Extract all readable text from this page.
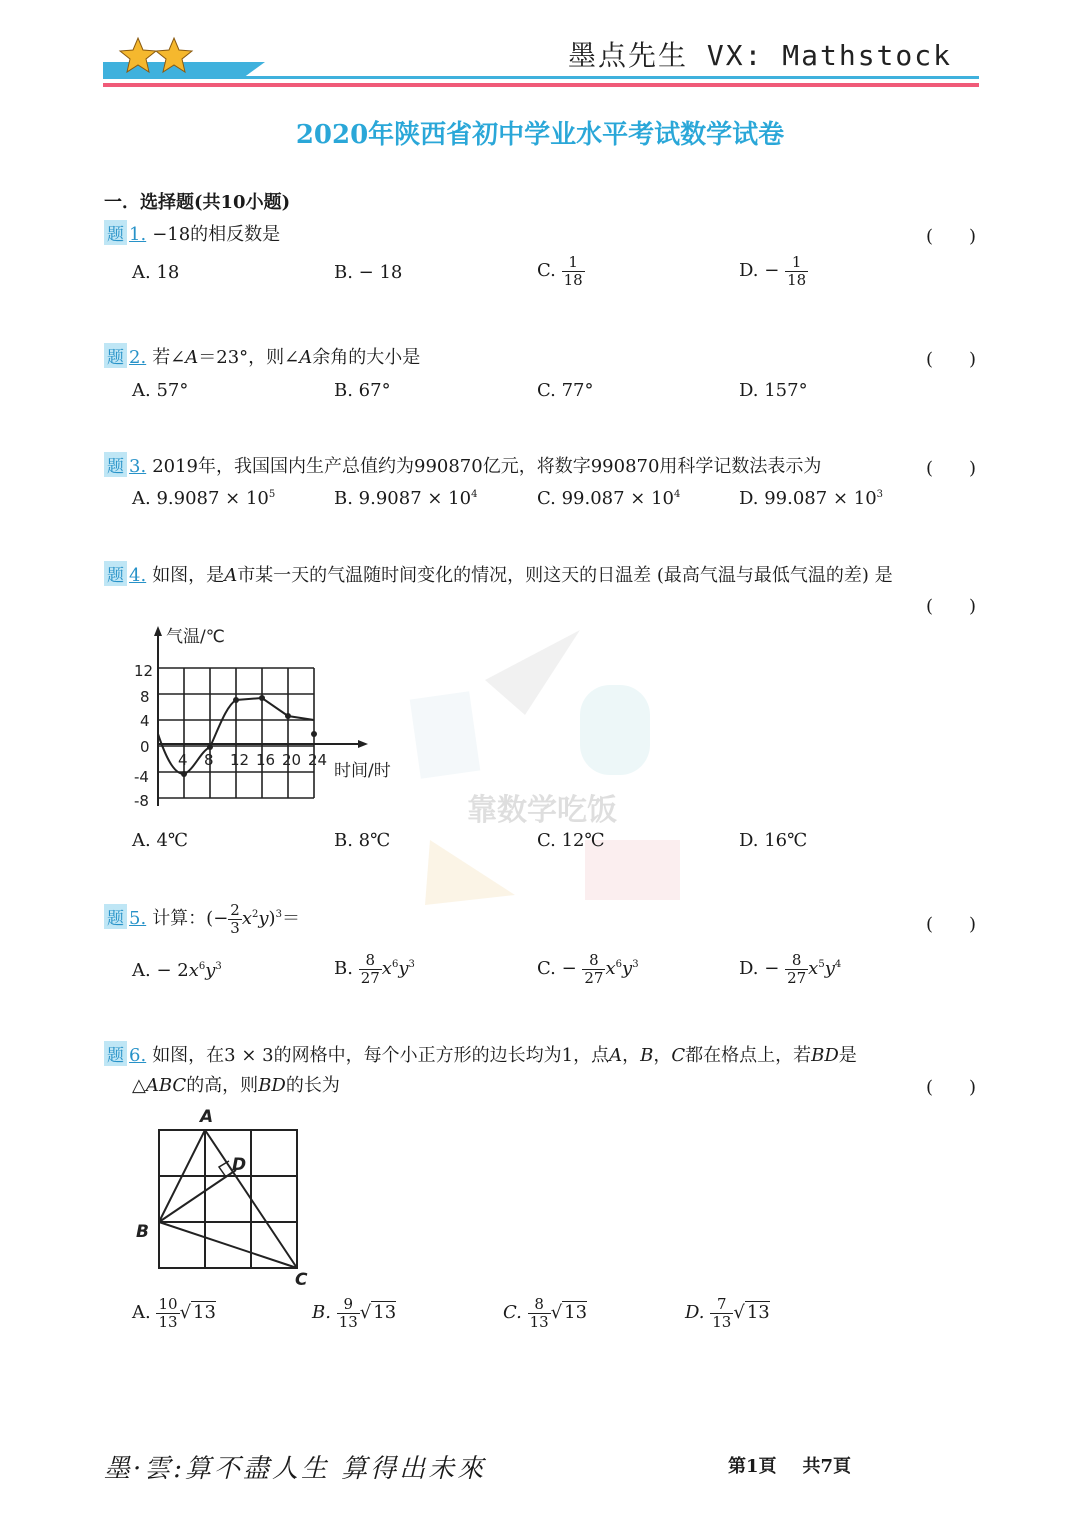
墨点先生 VX: Mathstock
2020年陕西省初中学业水平考试数学试卷
一．选择题(共10小题)
题 1. −18的相反数是	(　　)
A. 18	B. − 18	C. $\frac{1}{18}$	D. − $\frac{1}{18}$
题 2. 若∠A＝23°，则∠A余角的大小是	(　　)
A. 57°	B. 67°	C. 77°	D. 157°
题 3. 2019年，我国国内生产总值约为990870亿元，将数字990870用科学记数法表示为	(　　)
A. $9.9087 \times 10^5$	B. $9.9087 \times 10^4$	C. $99.087 \times 10^4$	D. $99.087 \times 10^3$
题 4. 如图，是A市某一天的气温随时间变化的情况，则这天的日温差 (最高气温与最低气温的差) 是
(　　)
气温/℃
时间/时
4 8 12 16 20 24
12
8
4
0
-4
-8	靠数学吃饭
A. 4℃	B. 8℃	C. 12℃	D. 16℃
题 5. 计算：(− $\frac{2}{3} x^2y)^3=$	(　　)
A. − $2x^6y^3$	B. $\frac{8}{27} x^6y^3$	C. − $\frac{8}{27} x^6y^3$	D. − $\frac{8}{27} x^5y^4$
题 6. 如图，在3 × 3的网格中，每个小正方形的边长均为1，点A，B，C都在格点上，若BD是
△ABC的高，则BD的长为	(　　)
A
B
C
D
A. $\frac{10}{13}$ √ 13	B. $\frac{9}{13}$ √ 13	C. $\frac{8}{13}$ √ 13	D. $\frac{7}{13}$ √ 13
墨·雲:算不盡人生 算得出未來	第1頁 共7頁
